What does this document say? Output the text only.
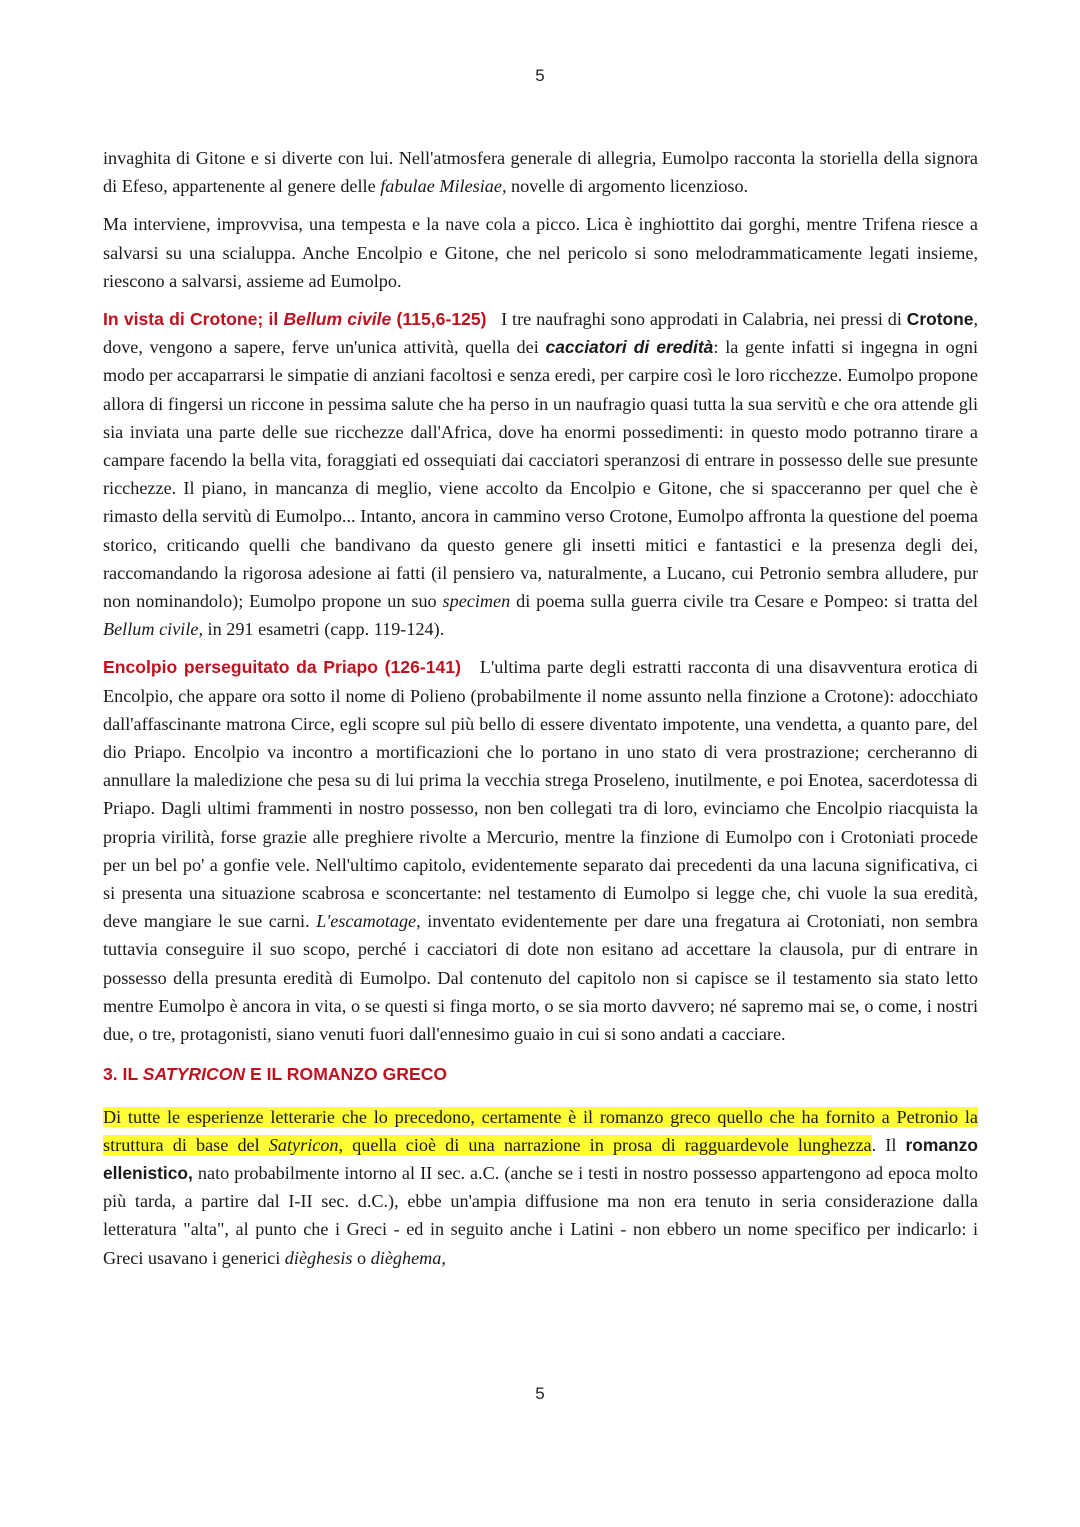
5

invaghita di Gitone e si diverte con lui. Nell'atmosfera generale di allegria, Eumolpo racconta la storiella della signora di Efeso, appartenente al genere delle fabulae Milesiae, novelle di argomento licenzioso.

Ma interviene, improvvisa, una tempesta e la nave cola a picco. Lica è inghiottito dai gorghi, mentre Trifena riesce a salvarsi su una scialuppa. Anche Encolpio e Gitone, che nel pericolo si sono melodrammaticamente legati insieme, riescono a salvarsi, assieme ad Eumolpo.

In vista di Crotone; il Bellum civile (115,6-125) I tre naufraghi sono approdati in Calabria, nei pressi di Crotone, dove, vengono a sapere, ferve un'unica attività, quella dei cacciatori di eredità: la gente infatti si ingegna in ogni modo per accaparrarsi le simpatie di anziani facoltosi e senza eredi, per carpire così le loro ricchezze. Eumolpo propone allora di fingersi un riccone in pessima salute che ha perso in un naufragio quasi tutta la sua servitù e che ora attende gli sia inviata una parte delle sue ricchezze dall'Africa, dove ha enormi possedimenti: in questo modo potranno tirare a campare facendo la bella vita, foraggiati ed ossequiati dai cacciatori speranzosi di entrare in possesso delle sue presunte ricchezze. Il piano, in mancanza di meglio, viene accolto da Encolpio e Gitone, che si spacceranno per quel che è rimasto della servitù di Eumolpo... Intanto, ancora in cammino verso Crotone, Eumolpo affronta la questione del poema storico, criticando quelli che bandivano da questo genere gli insetti mitici e fantastici e la presenza degli dei, raccomandando la rigorosa adesione ai fatti (il pensiero va, naturalmente, a Lucano, cui Petronio sembra alludere, pur non nominandolo); Eumolpo propone un suo specimen di poema sulla guerra civile tra Cesare e Pompeo: si tratta del Bellum civile, in 291 esametri (capp. 119-124).

Encolpio perseguitato da Priapo (126-141) L'ultima parte degli estratti racconta di una disavventura erotica di Encolpio, che appare ora sotto il nome di Polieno (probabilmente il nome assunto nella finzione a Crotone): adocchiato dall'affascinante matrona Circe, egli scopre sul più bello di essere diventato impotente, una vendetta, a quanto pare, del dio Priapo. Encolpio va incontro a mortificazioni che lo portano in uno stato di vera prostrazione; cercheranno di annullare la maledizione che pesa su di lui prima la vecchia strega Proseleno, inutilmente, e poi Enotea, sacerdotessa di Priapo. Dagli ultimi frammenti in nostro possesso, non ben collegati tra di loro, evinciamo che Encolpio riacquista la propria virilità, forse grazie alle preghiere rivolte a Mercurio, mentre la finzione di Eumolpo con i Crotoniati procede per un bel po' a gonfie vele. Nell'ultimo capitolo, evidentemente separato dai precedenti da una lacuna significativa, ci si presenta una situazione scabrosa e sconcertante: nel testamento di Eumolpo si legge che, chi vuole la sua eredità, deve mangiare le sue carni. L'escamotage, inventato evidentemente per dare una fregatura ai Crotoniati, non sembra tuttavia conseguire il suo scopo, perché i cacciatori di dote non esitano ad accettare la clausola, pur di entrare in possesso della presunta eredità di Eumolpo. Dal contenuto del capitolo non si capisce se il testamento sia stato letto mentre Eumolpo è ancora in vita, o se questi si finga morto, o se sia morto davvero; né sapremo mai se, o come, i nostri due, o tre, protagonisti, siano venuti fuori dall'ennesimo guaio in cui si sono andati a cacciare.

3. IL SATYRICON E IL ROMANZO GRECO

Di tutte le esperienze letterarie che lo precedono, certamente è il romanzo greco quello che ha fornito a Petronio la struttura di base del Satyricon, quella cioè di una narrazione in prosa di ragguardevole lunghezza. Il romanzo ellenistico, nato probabilmente intorno al II sec. a.C. (anche se i testi in nostro possesso appartengono ad epoca molto più tarda, a partire dal I-II sec. d.C.), ebbe un'ampia diffusione ma non era tenuto in seria considerazione dalla letteratura "alta", al punto che i Greci - ed in seguito anche i Latini - non ebbero un nome specifico per indicarlo: i Greci usavano i generici dièghesis o dièghema,

5
